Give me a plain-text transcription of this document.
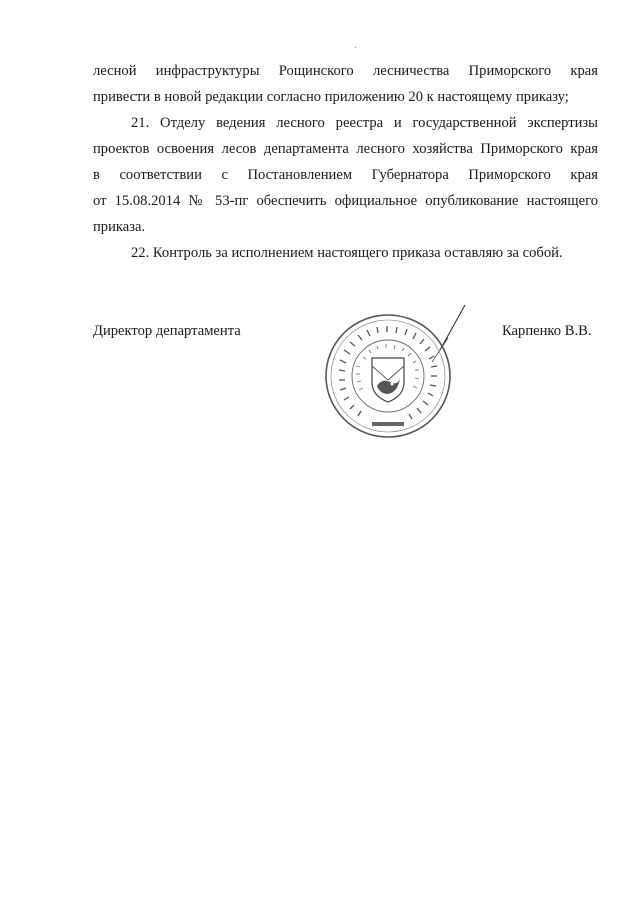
лесной инфраструктуры Рощинского лесничества Приморского края
привести в новой редакции согласно приложению 20 к настоящему приказу;

21. Отделу ведения лесного реестра и государственной экспертизы
проектов освоения лесов департамента лесного хозяйства Приморского края
в соответствии с Постановлением Губернатора Приморского края
от 15.08.2014 № 53-пг обеспечить официальное опубликование настоящего
приказа.

22. Контроль за исполнением настоящего приказа оставляю за собой.

Директор департамента	Карпенко В.В.
